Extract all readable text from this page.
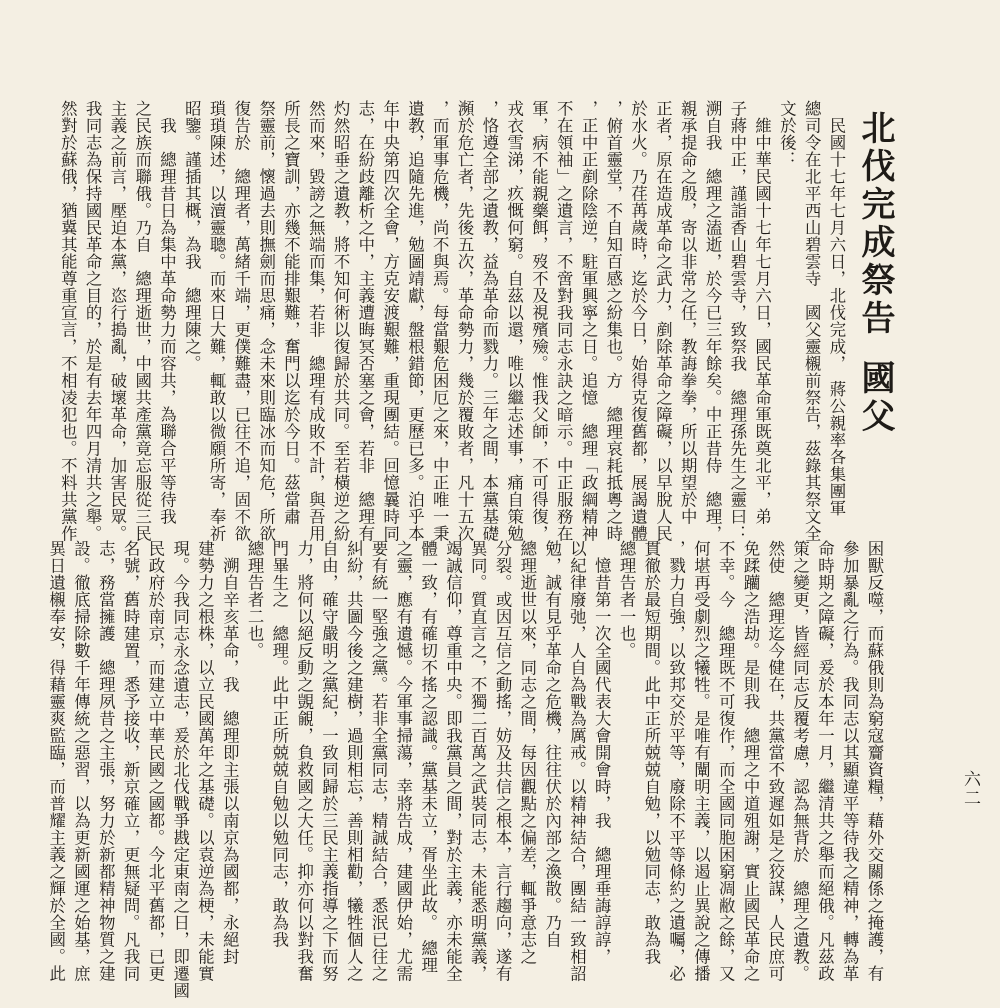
北伐完成祭告國父
六二
　民國十七年七月六日，北伐完成，　蔣公親率各集團軍
總司令在北平西山碧雲寺　國父靈櫬前祭告，茲錄其祭文全
文於後：
　維中華民國十七年七月六日，國民革命軍既奠北平，弟
子蔣中正，謹詣香山碧雲寺，致祭我　總理孫先生之靈曰：
溯自我　總理之溘逝，於今已三年餘矣。中正昔侍　總理，
親承提命之殷，寄以非常之任，教誨拳拳，所以期望於中
正者，原在造成革命之武力，剷除革命之障礙，以早脫人民
於水火。乃荏苒歲時，迄於今日，始得克復舊都，展謁遺體
，俯首靈堂，不自知百感之紛集也。方　總理哀耗抵粵之時
，正中正剷除陰逆，駐軍興寧之日。追憶　總理「政綱精神
不在領袖」之遺言，不啻對我同志永訣之暗示。中正服務在
軍，病不能親藥餌，歿不及視殯殮。惟我父師，不可得復，
戎衣雪涕，疚慨何窮。自茲以還，唯以繼志述事，痛自策勉
，恪遵全部之遺教，益為革命而戮力。三年之間，本黨基礎
瀕於危亡者，先後五次，革命勢力，幾於覆敗者，凡十五次
，而軍事危機，尚不與焉。每當艱危困厄之來，中正唯一秉
遺教，追隨先進，勉圖靖獻，盤根錯節，更歷已多。泊乎本
年中央第四次全會，方克安渡艱難，重現團結。回憶曩時同
志，在紛歧離析之中，主義遭晦冥否塞之會，若非　總理有
灼然昭垂之遺教，將不知何術以復歸於共同。至若橫逆之紛
然而來，毀謗之無端而集，若非　總理有成敗不計，與吾用
所長之寶訓，亦幾不能排艱難，奮門以迄於今日。茲當肅
祭靈前，懷過去則撫劍而思痛，念未來則臨冰而知危，所欲
復告於　總理者，萬緒千端，更僕難盡，已往不追，固不欲
瑣瑣陳述，以瀆靈聰。而來日大難，輒敢以微願所寄，奉祈
昭鑒。謹插其概，為我　總理陳之。
　我　總理昔日為集中革命勢力而容共，為聯合平等待我
之民族而聯俄。乃自　總理逝世，中國共產黨竟忘服從三民
主義之前言，壓迫本黨，恣行搗亂，破壞革命，加害民眾。
我同志為保持國民革命之目的，於是有去年四月清共之舉。
然對於蘇俄，猶冀其能尊重宣言，不相凌犯也。不料共黨作
困獸反噬，而蘇俄則為窮寇齎資糧，藉外交關係之掩護，有
參加暴亂之行為。我同志以其顯違平等待我之精神，轉為革
命時期之障礙，爰於本年一月，繼清共之舉而絕俄。凡茲政
策之變更，皆經同志反覆考慮，認為無背於　總理之遺教。
然使　總理迄今健在，共黨當不致遲如是之狡謀，人民庶可
免蹂躪之浩劫。是則我　總理之中道殂謝，實止國民革命之
不幸。今　總理既不可復作，而全國同胞困窮凋敝之餘，又
何堪再受劇烈之犧牲。是唯有闡明主義，以遏止異說之傳播
，戮力自強，以致邦交於平等，廢除不平等條約之遺囑，必
貫徹於最短期間。此中正所兢兢自勉，以勉同志，敢為我
總理告者一也。
　憶昔第一次全國代表大會開會時，我　總理垂誨諄諄，
以紀律廢弛，人自為戰為厲戒。以精神結合，團結一致相詔
勉，誠有見乎革命之危機，往往伏於內部之渙散。乃自
總理逝世以來，同志之間，每因觀點之偏差，輒爭意志之
分裂。或因互信之動搖，妨及共信之根本，言行趨向，遂有
異同。質直言之，不獨二百萬之武裝同志，未能悉明黨義，
竭誠信仰，尊重中央。即我黨員之間，對於主義，亦未能全
體一致，有確切不搖之認識。黨基未立，胥坐此故。　總理
之靈，應有遺憾。今軍事掃蕩，幸將告成，建國伊始，尤需
要有統一堅強之黨。若非全黨同志，精誠結合，悉泯已往之
糾紛，共圖今後之建樹，過則相忘，善則相勸，犧牲個人之
自由，確守嚴明之黨紀，一致同歸於三民主義指導之下而努
力，將何以絕反動之覬覦，負救國之大任。抑亦何以對我奮
門畢生之　總理。此中正所兢兢自勉以勉同志，敢為我
總理告者二也。
　溯自辛亥革命，我　總理即主張以南京為國都，永絕封
建勢力之根株，以立民國萬年之基礎。以袁逆為梗，未能實
現。今我同志永念遺志，爰於北伐戰爭戡定東南之日，即遷國
民政府於南京，而建立中華民國之國都。今北平舊都，已更
名號，舊時建置，悉予接收，新京確立，更無疑問。凡我同
志，務當擁護　總理夙昔之主張，努力於新都精神物質之建
設。徹底掃除數千年傳統之惡習，以為更新國運之始基，庶
異日遺櫬奉安，得藉靈爽監臨，而普耀主義之輝於全國。此
